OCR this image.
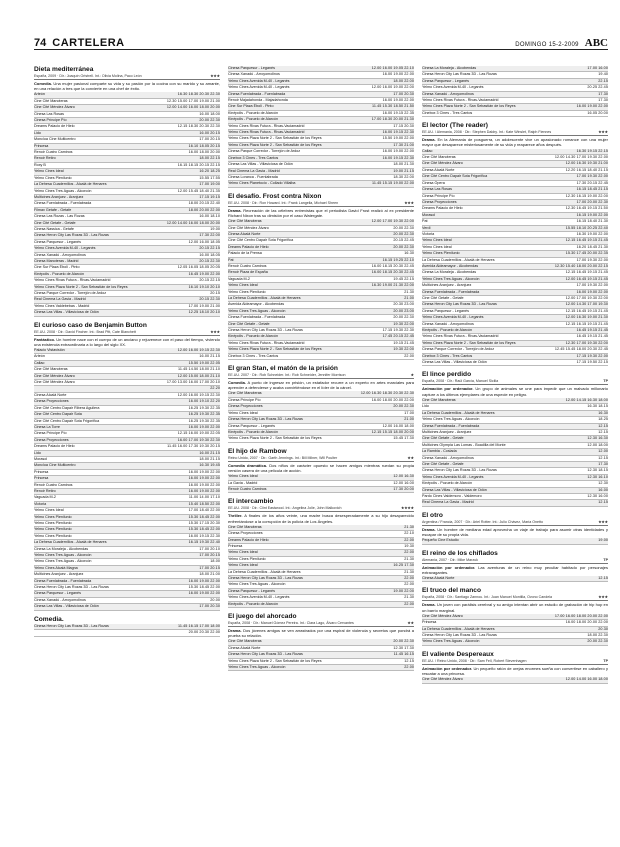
74 CARTELERA	DOMINGO 15-2-2009 ABC
Dieta mediterránea
España, 2009 · Dir.: Joaquín Oristrell. Int.: Olivia Molina, Paco León	★★★
Comedia. Una mujer pasional comparte su vida y su pasión por la cocina con su marido y su amante, en una relación a tres que la convierte en una chef de éxito.
Arteón	16.30 18.30 20.30 22.30
Cine Cité Manoteras	12.30 15.00 17.00 19.00 21.00
Cine Cité Méndez Álvaro	12.00 14.00 16.00 18.00 20.00
Cinesa Las Rosas	16.00 18.00
Cinesa Príncipe Pío	20.00 22.30
Dreams Palacio de Hielo	12.15 18.30 20.30 22.30
Lido	16.00 20.15
Moncloa Cine Multicentro	17.00 20.15
Princesa	16.10 18.05 20.15
Renoir Cuatro Caminos	16.00 18.00 20.00
Renoir Retiro	18.00 22.15
Roxy B	16.15 18.15 20.15 22.15
Yelmo Cines Ideal	16.20 18.25
Yelmo Cines Plenilunio	15.55 17.55
La Dehesa Cuadernillos - Alcalá de Henares	17.00 19.00
Yelmo Cines Tres Aguas - Alcorcón	12.00 15.45 18.40 21.35
Multicines Aranjuez - Aranjuez	17.15 19.15
Cinesa Fuenlabrada - Fuenlabrada	18.00 20.15 22.40
Filmax Getafe - Getafe	18.00 20.00 22.00
Cinesa Las Rozas - Las Rozas	16.00 18.10
Cine Cité Getafe - Getafe	12.00 14.00 16.00 18.00 20.00
Cinesa Nassica - Getafe	19.00
Cinesa Heron City Las Rozas 3D - Las Rozas	17.30 22.00
Cinesa Parquesur - Leganés	12.00 16.00 18.05
Yelmo Cines Avenida M-40 - Leganés	20.15 22.15
Cinesa Xanadú - Arroyomolinos	16.00 18.05
Cinesa Manoteras - Madrid	20.15 22.30
Cine Sur Plaza Éboli - Pinto	12.05 16.05 18.05 20.05
Kinépolis - Pozuelo de Alarcón	16.45 19.00 22.00
Yelmo Cines Rivas Futura - Rivas-Vaciamadrid	20.15 22.15
Yelmo Cines Plaza Norte 2 - San Sebastián de los Reyes	16.10 19.10 20.10
Cinesa Parque Corredor - Torrejón de Ardoz	20.15
Real Cinema La Gavia - Madrid	20.15 22.30
Yelmo Cines Valdebebas - Madrid	17.00 19.00 21.00
Cinesa Las Villas - Villaviciosa de Odón	12.25 18.10 20.10
El curioso caso de Benjamin Button
EE.UU. 2008 · Dir.: David Fincher. Int.: Brad Pitt, Cate Blanchett	★★★
Fantástico. Un hombre nace con el cuerpo de un anciano y rejuvenece con el paso del tiempo, viviendo una existencia extraordinaria a lo largo del siglo XX.
Palacio Vistavisión	12.00 16.00 19.15 22.30
Arteón	16.00 21.15
Callao	15.50 19.00 22.05
Cine Cité Manoteras	11.45 14.50 18.00 21.10
Cine Cité Méndez Álvaro	12.00 15.00 18.00 21.10
Cine Cité Méndez Álvaro	17.00 13.00 16.00 17.00 20.10
22.20
Cinesa Alcalá Norte	12.00 16.00 19.15 22.30
Cinesa Proyecciones	16.00 19.10 22.20
Cine Cité Centro Dapair Ribera Aguilera	16.25 19.30 22.35
Cine Cité Centro Dapair Sota	16.25 19.30 22.35
Cine Cité Centro Dapair Sota Frigorífica	16.25 19.30 22.35
Cinesa La Torre	16.00 19.00 22.00
Cinesa Príncipe Pío	12.15 16.00 19.00 22.05
Cinesa Proyecciones	16.00 17.00 19.30 22.30
Dreams Palacio de Hielo	11.45 16.00 17.30 19.30 20.15
Lido	16.00 21.15
Morasol	18.00 21.15
Moncloa Cine Multicentro	16.30 19.45
Princesa	16.00 19.00 22.00
Princesa	16.00 19.00 22.00
Renoir Cuatro Caminos	16.00 19.00 22.00
Renoir Retiro	16.00 19.00 22.00
Vaguada M-2	11.00 14.00 17.10
Victoria	15.40 18.50 22.00
Yelmo Cines Ideal	17.00 18.40 22.00
Yelmo Cines Plenilunio	15.30 18.45 22.00
Yelmo Cines Plenilunio	15.30 17.15 20.30
Yelmo Cines Plenilunio	15.30 18.45 22.00
Yelmo Cines Plenilunio	16.00 19.15 22.30
La Dehesa Cuadernillos - Alcalá de Henares	16.15 19.30 22.40
Cinesa La Moraleja - Alcobendas	17.00 20.10
Yelmo Cines Tres Aguas - Alcorcón	17.00 20.15
Yelmo Cines Tres Aguas - Alcorcón	18.00
Yelmo Cines Alcalá Magna	17.00 20.15
Multicines Aranjuez - Aranjuez	18.00 21.00
Cinesa Fuenlabrada - Fuenlabrada	16.00 19.00 22.00
Cinesa Heron City Las Rozas 3D - Las Rozas	15.30 18.45 22.00
Cinesa Parquesur - Leganés	16.00 19.00 22.00
Cinesa Xanadú - Arroyomolinos	20.00
Cinesa Las Villas - Villaviciosa de Odón	17.00 20.30
Comedia.
Cinesa Heron City Las Rozas 3D - Las Rozas	11.45 16.15 17.00 18.00
20.00 20.30 22.00
Cinesa Parquesur - Leganés	12.00 16.00 19.05 22.10
Cinesa Xanadú - Arroyomolinos	16.00 19.00 22.00
Yelmo Cines Avenida M-40 - Leganés	18.00 22.00
Yelmo Cines Avenida M-40 - Leganés	12.00 16.00 19.00 22.00
Cinesa Fuenlabrada - Fuenlabrada	17.00 20.30
Renoir Majadahonda - Majadahonda	16.00 19.00 22.00
Cine Sur Plaza Éboli - Pinto	11.45 15.30 18.50 21.50
Kinépolis - Pozuelo de Alarcón	16.00 19.15 22.35
Kinépolis - Pozuelo de Alarcón	17.00 18.30 20.00 21.30
Yelmo Cines Rivas Futura - Rivas-Vaciamadrid	17.15 20.30
Yelmo Cines Rivas Futura - Rivas-Vaciamadrid	16.00 19.15 22.30
Yelmo Cines Plaza Norte 2 - San Sebastián de los Reyes	15.50 19.00 22.00
Yelmo Cines Plaza Norte 2 - San Sebastián de los Reyes	17.30 21.00
Cinesa Parque Corredor - Torrejón de Ardoz	16.00 19.00 22.00
Cinebox 3 Cines - Tres Cantos	16.00 19.15 22.30
Cinesa Las Villas - Villaviciosa de Odón	18.00 21.30
Real Cinema La Gavia - Madrid	19.00 21.15
Cinesa Loranca - Fuenlabrada	18.30 22.00
Yelmo Cines Planetocio - Collado Villalba	11.45 15.15 19.00 22.00
El desafío. Frost contra Nixon
EE.UU. 2008 · Dir.: Ron Howard. Int.: Frank Langella, Michael Sheen	★★★
Drama. Recreación de las célebres entrevistas que el periodista David Frost realizó al ex presidente Richard Nixon tras su dimisión por el caso Watergate.
Cine Cité Manoteras	12.00 17.00 19.30 22.00
Cine Cité Méndez Álvaro	20.00 22.30
Cinesa Alcalá Norte	20.00 22.30
Cine Cité Centro Dapair Sota Frigorífica	20.15 22.45
Dreams Palacio de Hielo	20.00 22.30
Palacio de la Prensa	16.30
Pat	16.15 19.25 22.10
Renoir Cuatro Caminos	16.00 18.15 20.30 22.45
Renoir Plaza de España	16.00 18.15 20.30 22.45
Vaguada M-2	19.45 22.15
Yelmo Cines Ideal	16.30 19.00 21.30 22.00
Yelmo Cines Plenilunio	21.30
La Dehesa Cuadernillos - Alcalá de Henares	21.00
Avenida Aldeamayor - Alcobendas	20.30 23.00
Yelmo Cines Tres Aguas - Alcorcón	20.00 23.00
Cinesa Fuenlabrada - Fuenlabrada	20.00 22.30
Cine Cité Getafe - Getafe	19.30 22.00
Cinesa Heron City Las Rozas 3D - Las Rozas	17.15 19.30 22.30
Kinépolis - Pozuelo de Alarcón	17.45 20.15 22.45
Yelmo Cines Rivas Futura - Rivas-Vaciamadrid	19.15 21.45
Yelmo Cines Plaza Norte 2 - San Sebastián de los Reyes	19.30 22.00
Cinebox 3 Cines - Tres Cantos	22.00
El gran Stan, el matón de la prisión
EE.UU. 2007 · Dir.: Rob Schneider. Int.: Rob Schneider, Jennifer Morrison	★
Comedia. A punto de ingresar en prisión, un estafador recurre a un experto en artes marciales para aprender a defenderse y acaba convirtiéndose en el líder de la cárcel.
Cine Cité Manoteras	12.00 16.30 18.30 20.30 22.30
Cinesa Príncipe Pío	16.00 18.00 20.00 22.00
Cinesa Proyecciones	20.00 22.30
Yelmo Cines Ideal	17.00
Cinesa Heron City Las Rozas 3D - Las Rozas	21.00
Cinesa Parquesur - Leganés	12.00 16.00 18.00
Kinépolis - Pozuelo de Alarcón	12.15 15.15 18.00 20.00
Yelmo Cines Plaza Norte 2 - San Sebastián de los Reyes	15.45 17.30
El hijo de Rambow
Reino Unido, 2007 · Dir.: Garth Jennings. Int.: Bill Milner, Will Poulter	★★
Comedia dramática. Dos niños de carácter opuesto se hacen amigos mientras ruedan su propia versión casera de una película de acción.
Yelmo Cines Ideal	12.00 16.30
La Gavia - Madrid	12.00 16.00
Renoir Cuatro Caminos	17.30 20.00
El intercambio
EE.UU. 2008 · Dir.: Clint Eastwood. Int.: Angelina Jolie, John Malkovich	★★★★
Thriller. A finales de los años veinte, una madre busca desesperadamente a su hijo desaparecido enfrentándose a la corrupción de la policía de Los Ángeles.
Cine Cité Manoteras	21.30
Cinesa Proyecciones	22.10
Dreams Palacio de Hielo	22.00
Princesa	19.30
Yelmo Cines Ideal	22.00
Yelmo Cines Plenilunio	21.30
Yelmo Cines Ideal	16.25 17.30
La Dehesa Cuadernillos - Alcalá de Henares	21.30
Cinesa Heron City Las Rozas 3D - Las Rozas	22.00
Yelmo Cines Tres Aguas - Alcorcón	22.00
Cinesa Parquesur - Leganés	19.00 22.00
Yelmo Cines Avenida M-40 - Leganés	21.30
Kinépolis - Pozuelo de Alarcón	22.00
El juego del ahorcado
España, 2008 · Dir.: Manuel Gómez Pereira. Int.: Clara Lago, Álvaro Cervantes	★★
Drama. Dos jóvenes amigos se ven arrastrados por una espiral de violencia y secretos que pondrá a prueba su relación.
Cine Cité Manoteras	20.00 22.30
Cinesa Alcalá Norte	12.30 17.30
Cinesa Heron City Las Rozas 3D - Las Rozas	11.45 16.15
Yelmo Cines Plaza Norte 2 - San Sebastián de los Reyes	12.15
Yelmo Cines Tres Aguas - Alcorcón	22.00
Cinesa La Moraleja - Alcobendas	17.00 16.00
Cinesa Heron City Las Rozas 3D - Las Rozas	19.40
Cinesa Parquesur - Leganés	22.15
Yelmo Cines Avenida M-40 - Leganés	20.25 22.45
Cinesa Xanadú - Arroyomolinos	17.30
Yelmo Cines Rivas Futura - Rivas-Vaciamadrid	17.30
Yelmo Cines Plaza Norte 2 - San Sebastián de los Reyes	16.00 19.00 22.00
Cinebox 3 Cines - Tres Cantos	16.05 20.00
El lector (The reader)
EE.UU. / Alemania, 2008 · Dir.: Stephen Daldry. Int.: Kate Winslet, Ralph Fiennes	★★★
Drama. En la Alemania de posguerra, un adolescente vive un apasionado romance con una mujer mayor que desaparece misteriosamente de su vida y reaparece años después.
Callao	16.30 19.15 22.15
Cine Cité Manoteras	12.00 14.30 17.00 19.30 22.00
Cine Cité Méndez Álvaro	12.00 16.30 19.30 21.00
Cinesa Alcalá Norte	12.20 16.15 18.40 21.15
Cine Cité Centro Dapair Sota Frigorífica	17.00 19.30 22.00
Cinesa Ópera	17.30 20.15 22.45
Cinesa Las Rosas	16.15 18.45 21.15
Cinesa Príncipe Pío	12.30 16.15 19.00 22.00
Cinesa Proyecciones	17.00 20.00 22.30
Dreams Palacio de Hielo	12.30 16.45 19.15 21.50
Morasol	16.15 19.00 22.00
Pat	16.15 18.40 21.30
Verdi	15.55 18.10 20.25 22.40
Victoria	16.30 19.00 22.00
Yelmo Cines Ideal	12.15 16.45 19.15 21.45
Yelmo Cines Ideal	16.20 18.45 21.30
Yelmo Cines Plenilunio	15.30 17.45 20.00 22.35
La Dehesa Cuadernillos - Alcalá de Henares	17.00 19.30 22.00
Avenida Aldeamayor - Alcobendas	12.30 15.40 18.00 20.00 22.15
Cinesa La Moraleja - Alcobendas	12.15 16.45 19.15 21.45
Yelmo Cines Tres Aguas - Alcorcón	12.00 16.45 19.15 21.45
Multicines Aranjuez - Aranjuez	17.00 19.30 22.00
Cinesa Fuenlabrada - Fuenlabrada	16.00 19.00 22.00
Cine Cité Getafe - Getafe	12.00 17.00 19.30 22.00
Cinesa Heron City Las Rozas 3D - Las Rozas	12.00 14.30 17.00 19.30
Cinesa Parquesur - Leganés	12.15 16.45 19.15 21.45
Yelmo Cines Avenida M-40 - Leganés	12.00 16.30 19.00 21.30
Cinesa Xanadú - Arroyomolinos	12.15 16.15 19.15 21.45
Kinépolis - Pozuelo de Alarcón	16.45 19.15 21.45
Yelmo Cines Rivas Futura - Rivas-Vaciamadrid	16.45 19.15 21.45
Yelmo Cines Plaza Norte 2 - San Sebastián de los Reyes	12.30 17.00 19.30 22.00
Cinesa Parque Corredor - Torrejón de Ardoz	12.45 15.45 18.00 20.30 22.45
Cinebox 3 Cines - Tres Cantos	17.15 19.30 22.00
Cinesa Las Villas - Villaviciosa de Odón	17.15 19.50 22.15
El lince perdido
España, 2008 · Dir.: Raúl García, Manuel Sicilia	TP
Animación por ordenador. Un grupo de animales se une para impedir que un malvado millonario capture a los últimos ejemplares de una especie en peligro.
Cine Cité Manoteras	12.00 14.15 16.30 18.00
Lido	16.30 18.15
La Dehesa Cuadernillos - Alcalá de Henares	16.30
Yelmo Cines Tres Aguas - Alcorcón	18.25
Cinesa Fuenlabrada - Fuenlabrada	12.15
Multicines Aranjuez - Aranjuez	12.15
Cine Cité Getafe - Getafe	12.30 16.30
Multicines Olympia Las Lomas - Boadilla del Monte	12.00 18.00
La Rambla - Coslada	12.00
Cinesa Xanadú - Arroyomolinos	12.15
Cine Cité Getafe - Getafe	17.30
Cinesa Heron City Las Rozas 3D - Las Rozas	12.30 18.15
Yelmo Cines Avenida M-40 - Leganés	12.30 16.10
Kinépolis - Pozuelo de Alarcón	12.30
Cinesa Las Villas - Villaviciosa de Odón	16.00
Pardo Cines Valdemoro - Valdemoro	12.30 16.00
Real Cinema La Gavia - Madrid	12.15
El otro
Argentina / Francia, 2007 · Dir.: Ariel Rotter. Int.: Julio Chávez, María Onetto	★★★
Drama. Un hombre de mediana edad aprovecha un viaje de trabajo para asumir otras identidades y escapar de su propia vida.
Pequeño Cine Estudio	19.00
El reino de los chiflados
Alemania, 2007 · Dir.: Mike Marzuk	TP
Animación por ordenador. Las aventuras de un reino muy peculiar habitado por personajes extravagantes.
Cinesa Alcalá Norte	12.15
El truco del manco
España, 2008 · Dir.: Santiago Zannou. Int.: Juan Manuel Montilla, Ovono Candela	★★★
Drama. Un joven con parálisis cerebral y su amigo intentan abrir un estudio de grabación de hip hop en un barrio marginal.
Cine Cité Méndez Álvaro	17.00 16.00 18.00 20.00 22.00
Princesa	16.00 18.00 20.00 22.00
La Dehesa Cuadernillos - Alcalá de Henares	20.30
Cinesa Heron City Las Rozas 3D - Las Rozas	18.00 22.30
Yelmo Cines Tres Aguas - Alcorcón	20.00 22.30
El valiente Despereaux
EE.UU. / Reino Unido, 2008 · Dir.: Sam Fell, Robert Stevenhagen	TP
Animación por ordenador. Un pequeño ratón de orejas enormes sueña con convertirse en caballero y rescatar a una princesa.
Cine Cité Méndez Álvaro	12.00 14.00 16.00 18.00
